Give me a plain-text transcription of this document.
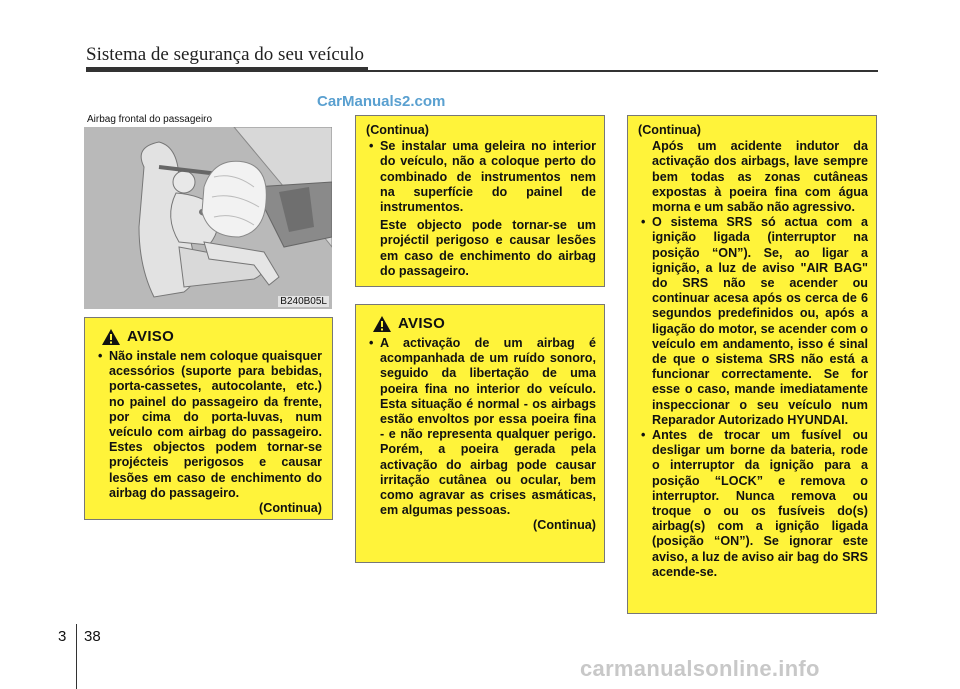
Sistema de segurança do seu veículo
CarManuals2.com
Airbag frontal do passageiro
B240B05L
AVISO
• Não instale nem coloque quaisquer acessórios (suporte para bebidas, porta-cassetes, autocolante, etc.) no painel do passageiro da frente, por cima do porta-luvas, num veículo com airbag do passageiro. Estes objectos podem tornar-se projécteis perigosos e causar lesões em caso de enchimento do airbag do passageiro.
(Continua)
(Continua)
• Se instalar uma geleira no interior do veículo, não a coloque perto do combinado de instrumentos nem na superfície do painel de instrumentos.
Este objecto pode tornar-se um projéctil perigoso e causar lesões em caso de enchimento do airbag do passageiro.
AVISO
• A activação de um airbag é acompanhada de um ruído sonoro, seguido da libertação de uma poeira fina no interior do veículo. Esta situação é normal - os airbags estão envoltos por essa poeira fina - e não representa qualquer perigo. Porém, a poeira gerada pela activação do airbag pode causar irritação cutânea ou ocular, bem como agravar as crises asmáticas, em algumas pessoas.
(Continua)
(Continua)
Após um acidente indutor da activação dos airbags, lave sempre bem todas as zonas cutâneas expostas à poeira fina com água morna e um sabão não agressivo.
• O sistema SRS só actua com a ignição ligada (interruptor na posição “ON”). Se, ao ligar a ignição, a luz de aviso "AIR BAG" do SRS não se acender ou continuar acesa após os cerca de 6 segundos predefinidos ou, após a ligação do motor, se acender com o veículo em andamento, isso é sinal de que o sistema SRS não está a funcionar correctamente. Se for esse o caso, mande imediatamente inspeccionar o seu veículo num Reparador Autorizado HYUNDAI.
• Antes de trocar um fusível ou desligar um borne da bateria, rode o interruptor da ignição para a posição “LOCK” e remova o interruptor. Nunca remova ou troque o ou os fusíveis do(s) airbag(s) com a ignição ligada (posição “ON”). Se ignorar este aviso, a luz de aviso air bag do SRS acende-se.
3 38
carmanualsonline.info
